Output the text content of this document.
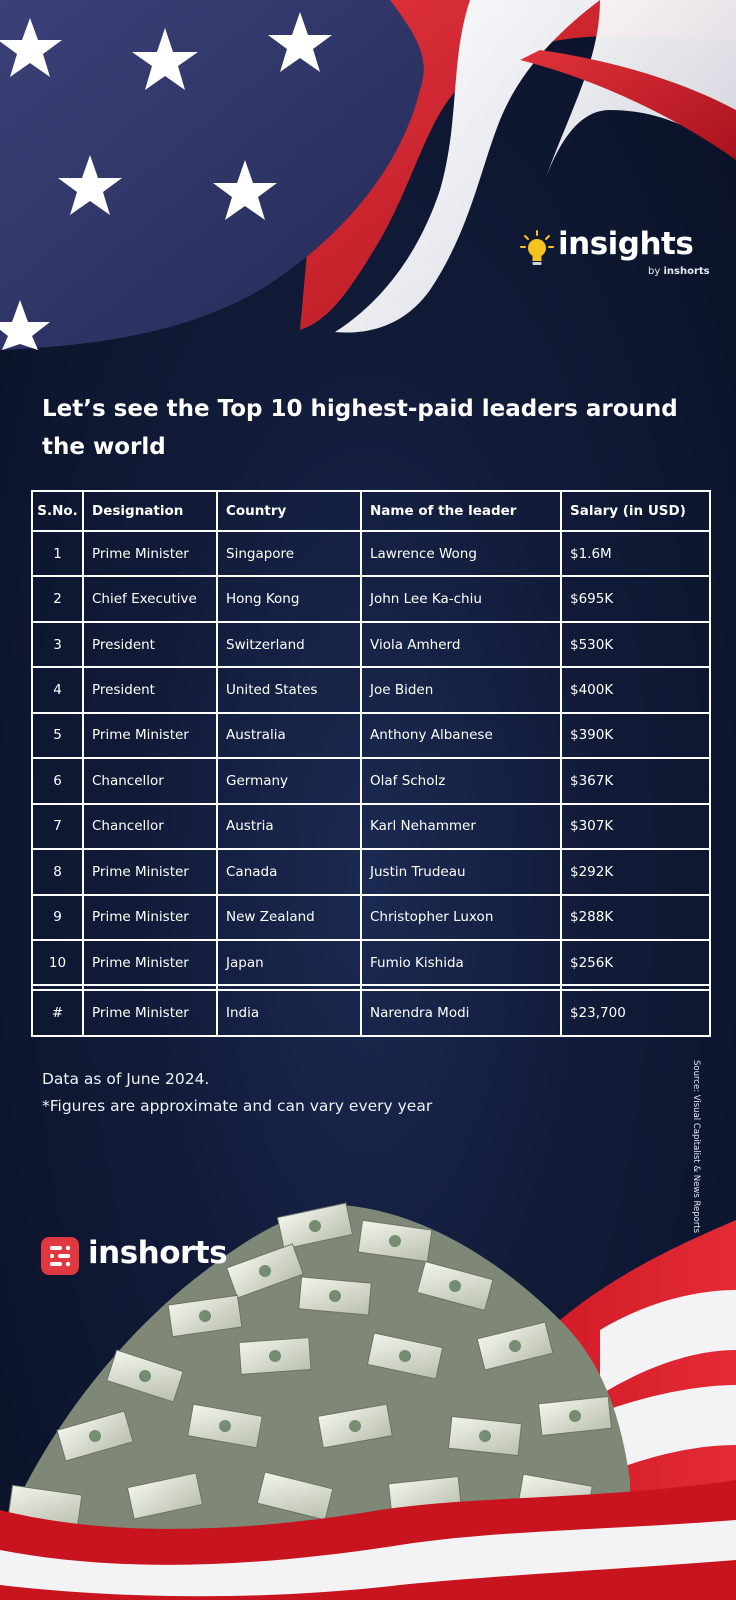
insights
by inshorts
Let’s see the Top 10 highest-paid leaders around the world
S.No.	Designation	Country	Name of the leader	Salary (in USD)
1	Prime Minister	Singapore	Lawrence Wong	$1.6M
2	Chief Executive	Hong Kong	John Lee Ka-chiu	$695K
3	President	Switzerland	Viola Amherd	$530K
4	President	United States	Joe Biden	$400K
5	Prime Minister	Australia	Anthony Albanese	$390K
6	Chancellor	Germany	Olaf Scholz	$367K
7	Chancellor	Austria	Karl Nehammer	$307K
8	Prime Minister	Canada	Justin Trudeau	$292K
9	Prime Minister	New Zealand	Christopher Luxon	$288K
10	Prime Minister	Japan	Fumio Kishida	$256K

#	Prime Minister	India	Narendra Modi	$23,700
Data as of June 2024.
*Figures are approximate and can vary every year	Source: Visual Capitalist & News Reports
inshorts
